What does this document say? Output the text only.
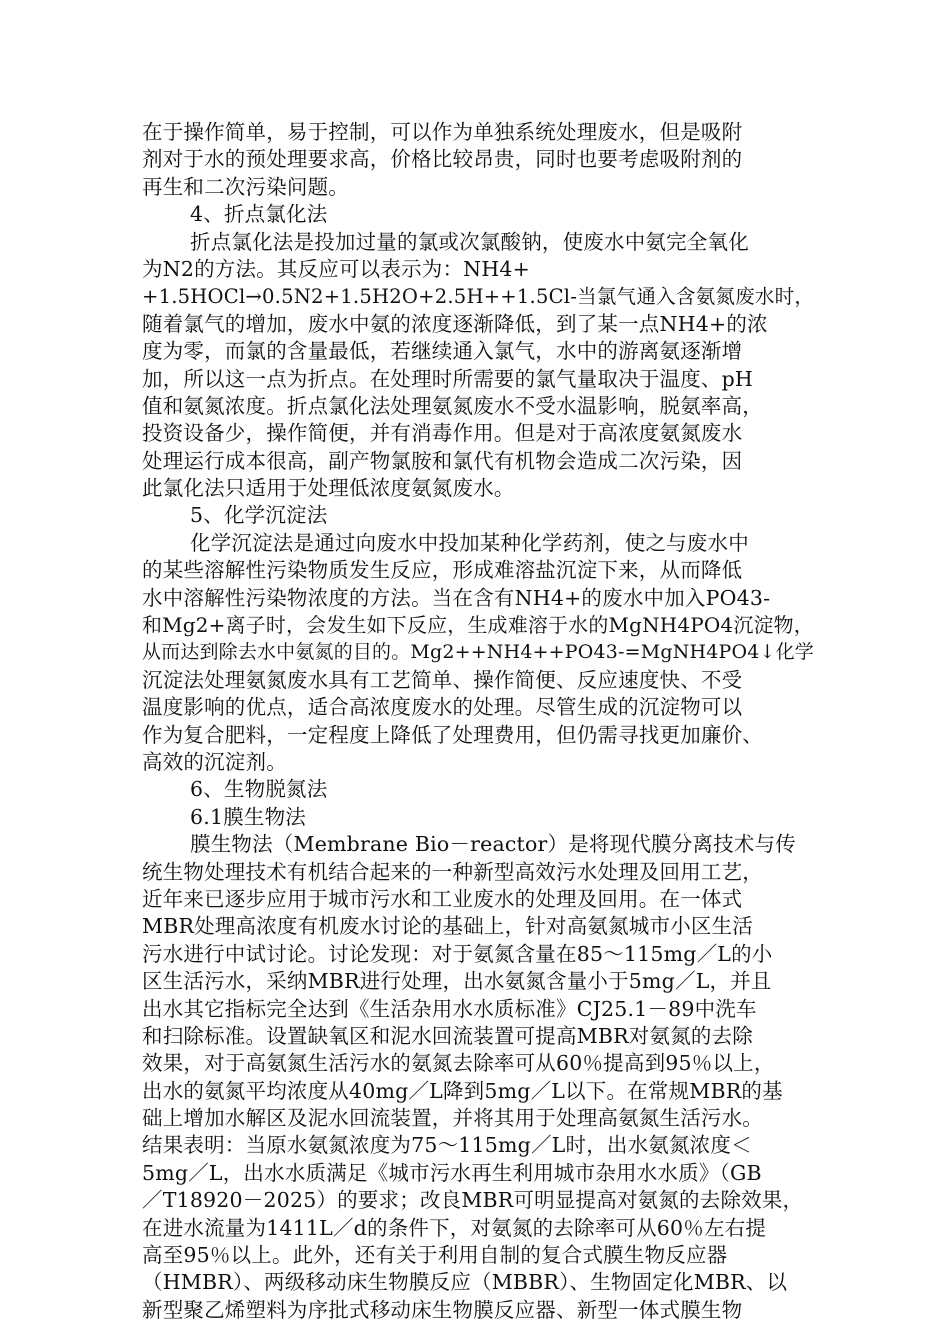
在于操作简单，易于控制，可以作为单独系统处理废水，但是吸附
剂对于水的预处理要求高，价格比较昂贵，同时也要考虑吸附剂的
再生和二次污染问题。
4、折点氯化法
折点氯化法是投加过量的氯或次氯酸钠，使废水中氨完全氧化
为N2的方法。其反应可以表示为：NH4+
+1.5HOCl→0.5N2+1.5H2O+2.5H++1.5Cl-当氯气通入含氨氮废水时，
随着氯气的增加，废水中氨的浓度逐渐降低，到了某一点NH4+的浓
度为零，而氯的含量最低，若继续通入氯气，水中的游离氨逐渐增
加，所以这一点为折点。在处理时所需要的氯气量取决于温度、pH
值和氨氮浓度。折点氯化法处理氨氮废水不受水温影响，脱氨率高，
投资设备少，操作简便，并有消毒作用。但是对于高浓度氨氮废水
处理运行成本很高，副产物氯胺和氯代有机物会造成二次污染，因
此氯化法只适用于处理低浓度氨氮废水。
5、化学沉淀法
化学沉淀法是通过向废水中投加某种化学药剂，使之与废水中
的某些溶解性污染物质发生反应，形成难溶盐沉淀下来，从而降低
水中溶解性污染物浓度的方法。当在含有NH4+的废水中加入PO43-
和Mg2+离子时，会发生如下反应，生成难溶于水的MgNH4PO4沉淀物，
从而达到除去水中氨氮的目的。Mg2++NH4++PO43-=MgNH4PO4↓化学
沉淀法处理氨氮废水具有工艺简单、操作简便、反应速度快、不受
温度影响的优点，适合高浓度废水的处理。尽管生成的沉淀物可以
作为复合肥料，一定程度上降低了处理费用，但仍需寻找更加廉价、
高效的沉淀剂。
6、生物脱氮法
6.1膜生物法
膜生物法（Membrane Bio－reactor）是将现代膜分离技术与传
统生物处理技术有机结合起来的一种新型高效污水处理及回用工艺，
近年来已逐步应用于城市污水和工业废水的处理及回用。在一体式
MBR处理高浓度有机废水讨论的基础上，针对高氨氮城市小区生活
污水进行中试讨论。讨论发现：对于氨氮含量在85～115mg／L的小
区生活污水，采纳MBR进行处理，出水氨氮含量小于5mg／L，并且
出水其它指标完全达到《生活杂用水水质标准》CJ25.1－89中洗车
和扫除标准。设置缺氧区和泥水回流装置可提高MBR对氨氮的去除
效果，对于高氨氮生活污水的氨氮去除率可从60％提高到95％以上，
出水的氨氮平均浓度从40mg／L降到5mg／L以下。在常规MBR的基
础上增加水解区及泥水回流装置，并将其用于处理高氨氮生活污水。
结果表明：当原水氨氮浓度为75～115mg／L时，出水氨氮浓度＜
5mg／L，出水水质满足《城市污水再生利用城市杂用水水质》（GB
／T18920－2025）的要求；改良MBR可明显提高对氨氮的去除效果，
在进水流量为1411L／d的条件下，对氨氮的去除率可从60％左右提
高至95％以上。此外，还有关于利用自制的复合式膜生物反应器
（HMBR）、两级移动床生物膜反应（MBBR）、生物固定化MBR、以
新型聚乙烯塑料为序批式移动床生物膜反应器、新型一体式膜生物
